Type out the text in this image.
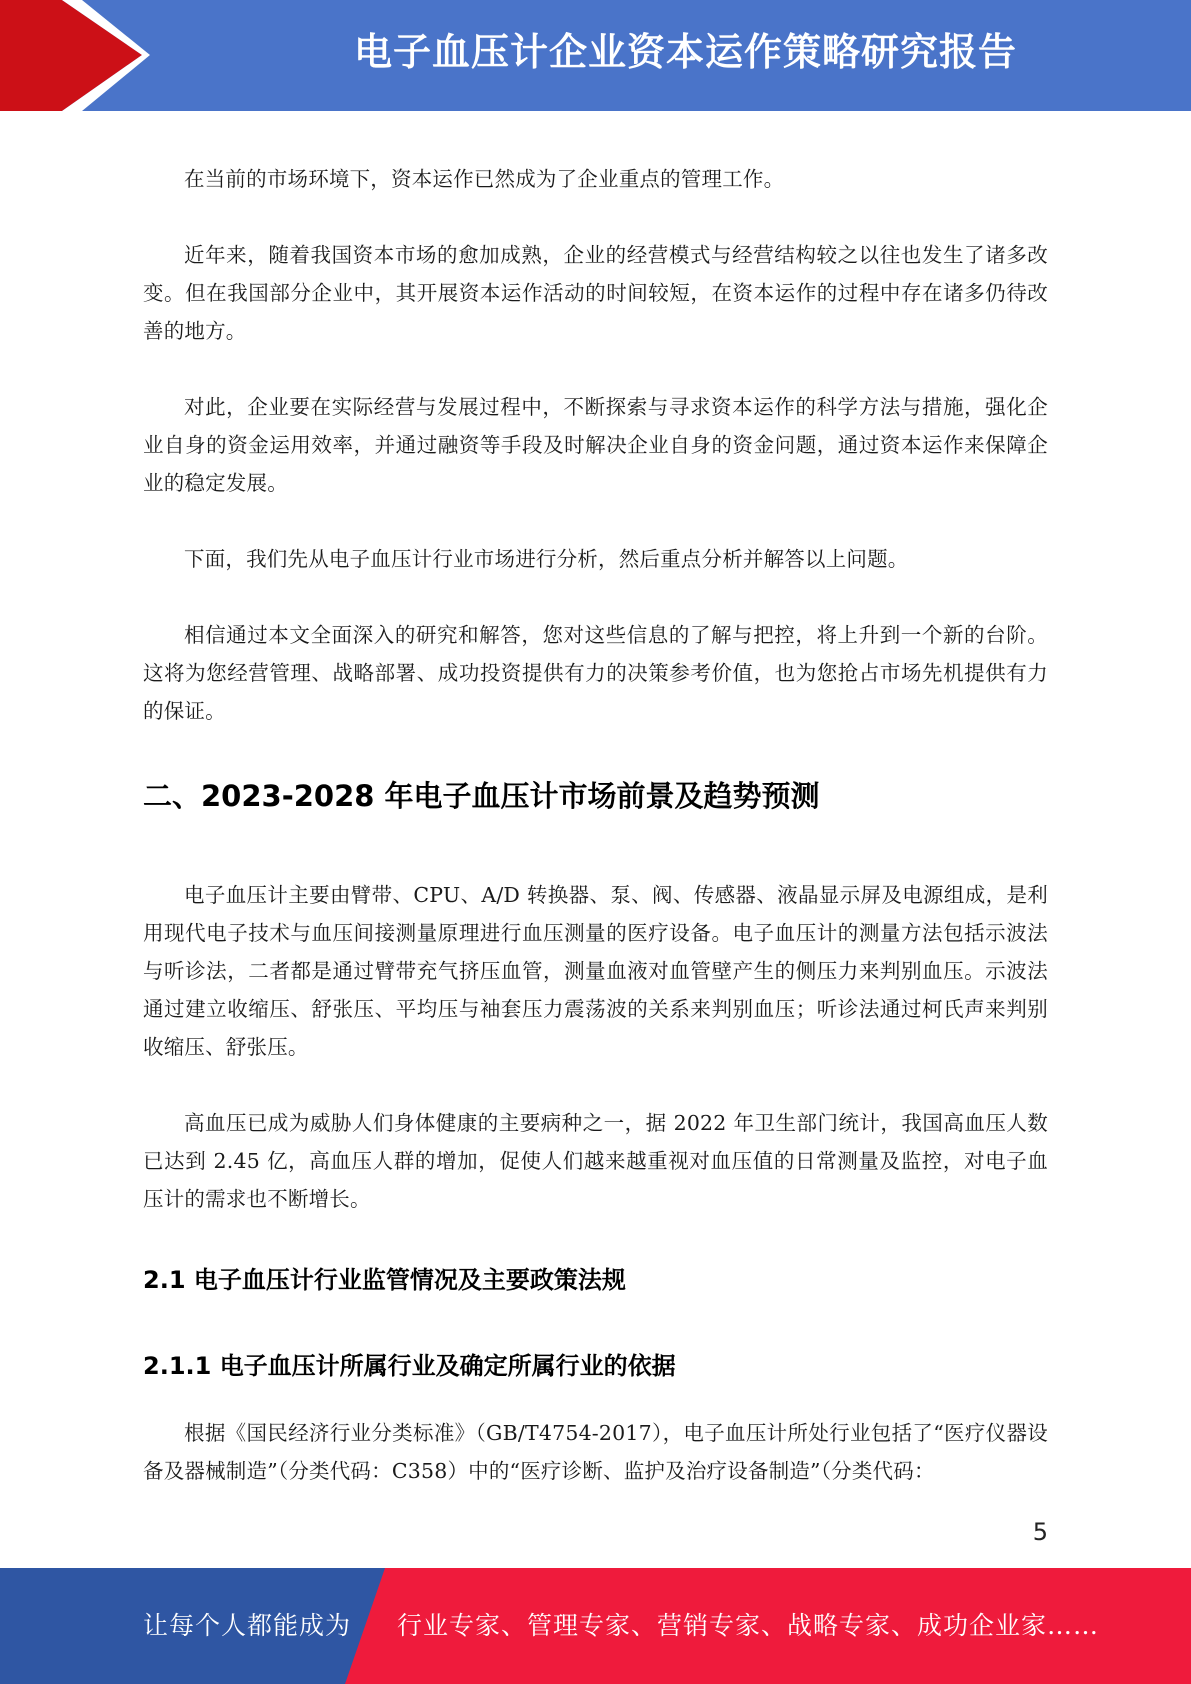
电子血压计企业资本运作策略研究报告

在当前的市场环境下，资本运作已然成为了企业重点的管理工作。

近年来，随着我国资本市场的愈加成熟，企业的经营模式与经营结构较之以往也发生了诸多改变。但在我国部分企业中，其开展资本运作活动的时间较短，在资本运作的过程中存在诸多仍待改善的地方。

对此，企业要在实际经营与发展过程中，不断探索与寻求资本运作的科学方法与措施，强化企业自身的资金运用效率，并通过融资等手段及时解决企业自身的资金问题，通过资本运作来保障企业的稳定发展。

下面，我们先从电子血压计行业市场进行分析，然后重点分析并解答以上问题。

相信通过本文全面深入的研究和解答，您对这些信息的了解与把控，将上升到一个新的台阶。这将为您经营管理、战略部署、成功投资提供有力的决策参考价值，也为您抢占市场先机提供有力的保证。

二、2023-2028 年电子血压计市场前景及趋势预测

电子血压计主要由臂带、CPU、A/D 转换器、泵、阀、传感器、液晶显示屏及电源组成，是利用现代电子技术与血压间接测量原理进行血压测量的医疗设备。电子血压计的测量方法包括示波法与听诊法，二者都是通过臂带充气挤压血管，测量血液对血管壁产生的侧压力来判别血压。示波法通过建立收缩压、舒张压、平均压与袖套压力震荡波的关系来判别血压；听诊法通过柯氏声来判别收缩压、舒张压。

高血压已成为威胁人们身体健康的主要病种之一，据 2022 年卫生部门统计，我国高血压人数已达到 2.45 亿，高血压人群的增加，促使人们越来越重视对血压值的日常测量及监控，对电子血压计的需求也不断增长。

2.1 电子血压计行业监管情况及主要政策法规
2.1.1 电子血压计所属行业及确定所属行业的依据

根据《国民经济行业分类标准》（GB/T4754-2017），电子血压计所处行业包括了“医疗仪器设备及器械制造”（分类代码：C358）中的“医疗诊断、监护及治疗设备制造”（分类代码：

5
让每个人都能成为 行业专家、管理专家、营销专家、战略专家、成功企业家……
